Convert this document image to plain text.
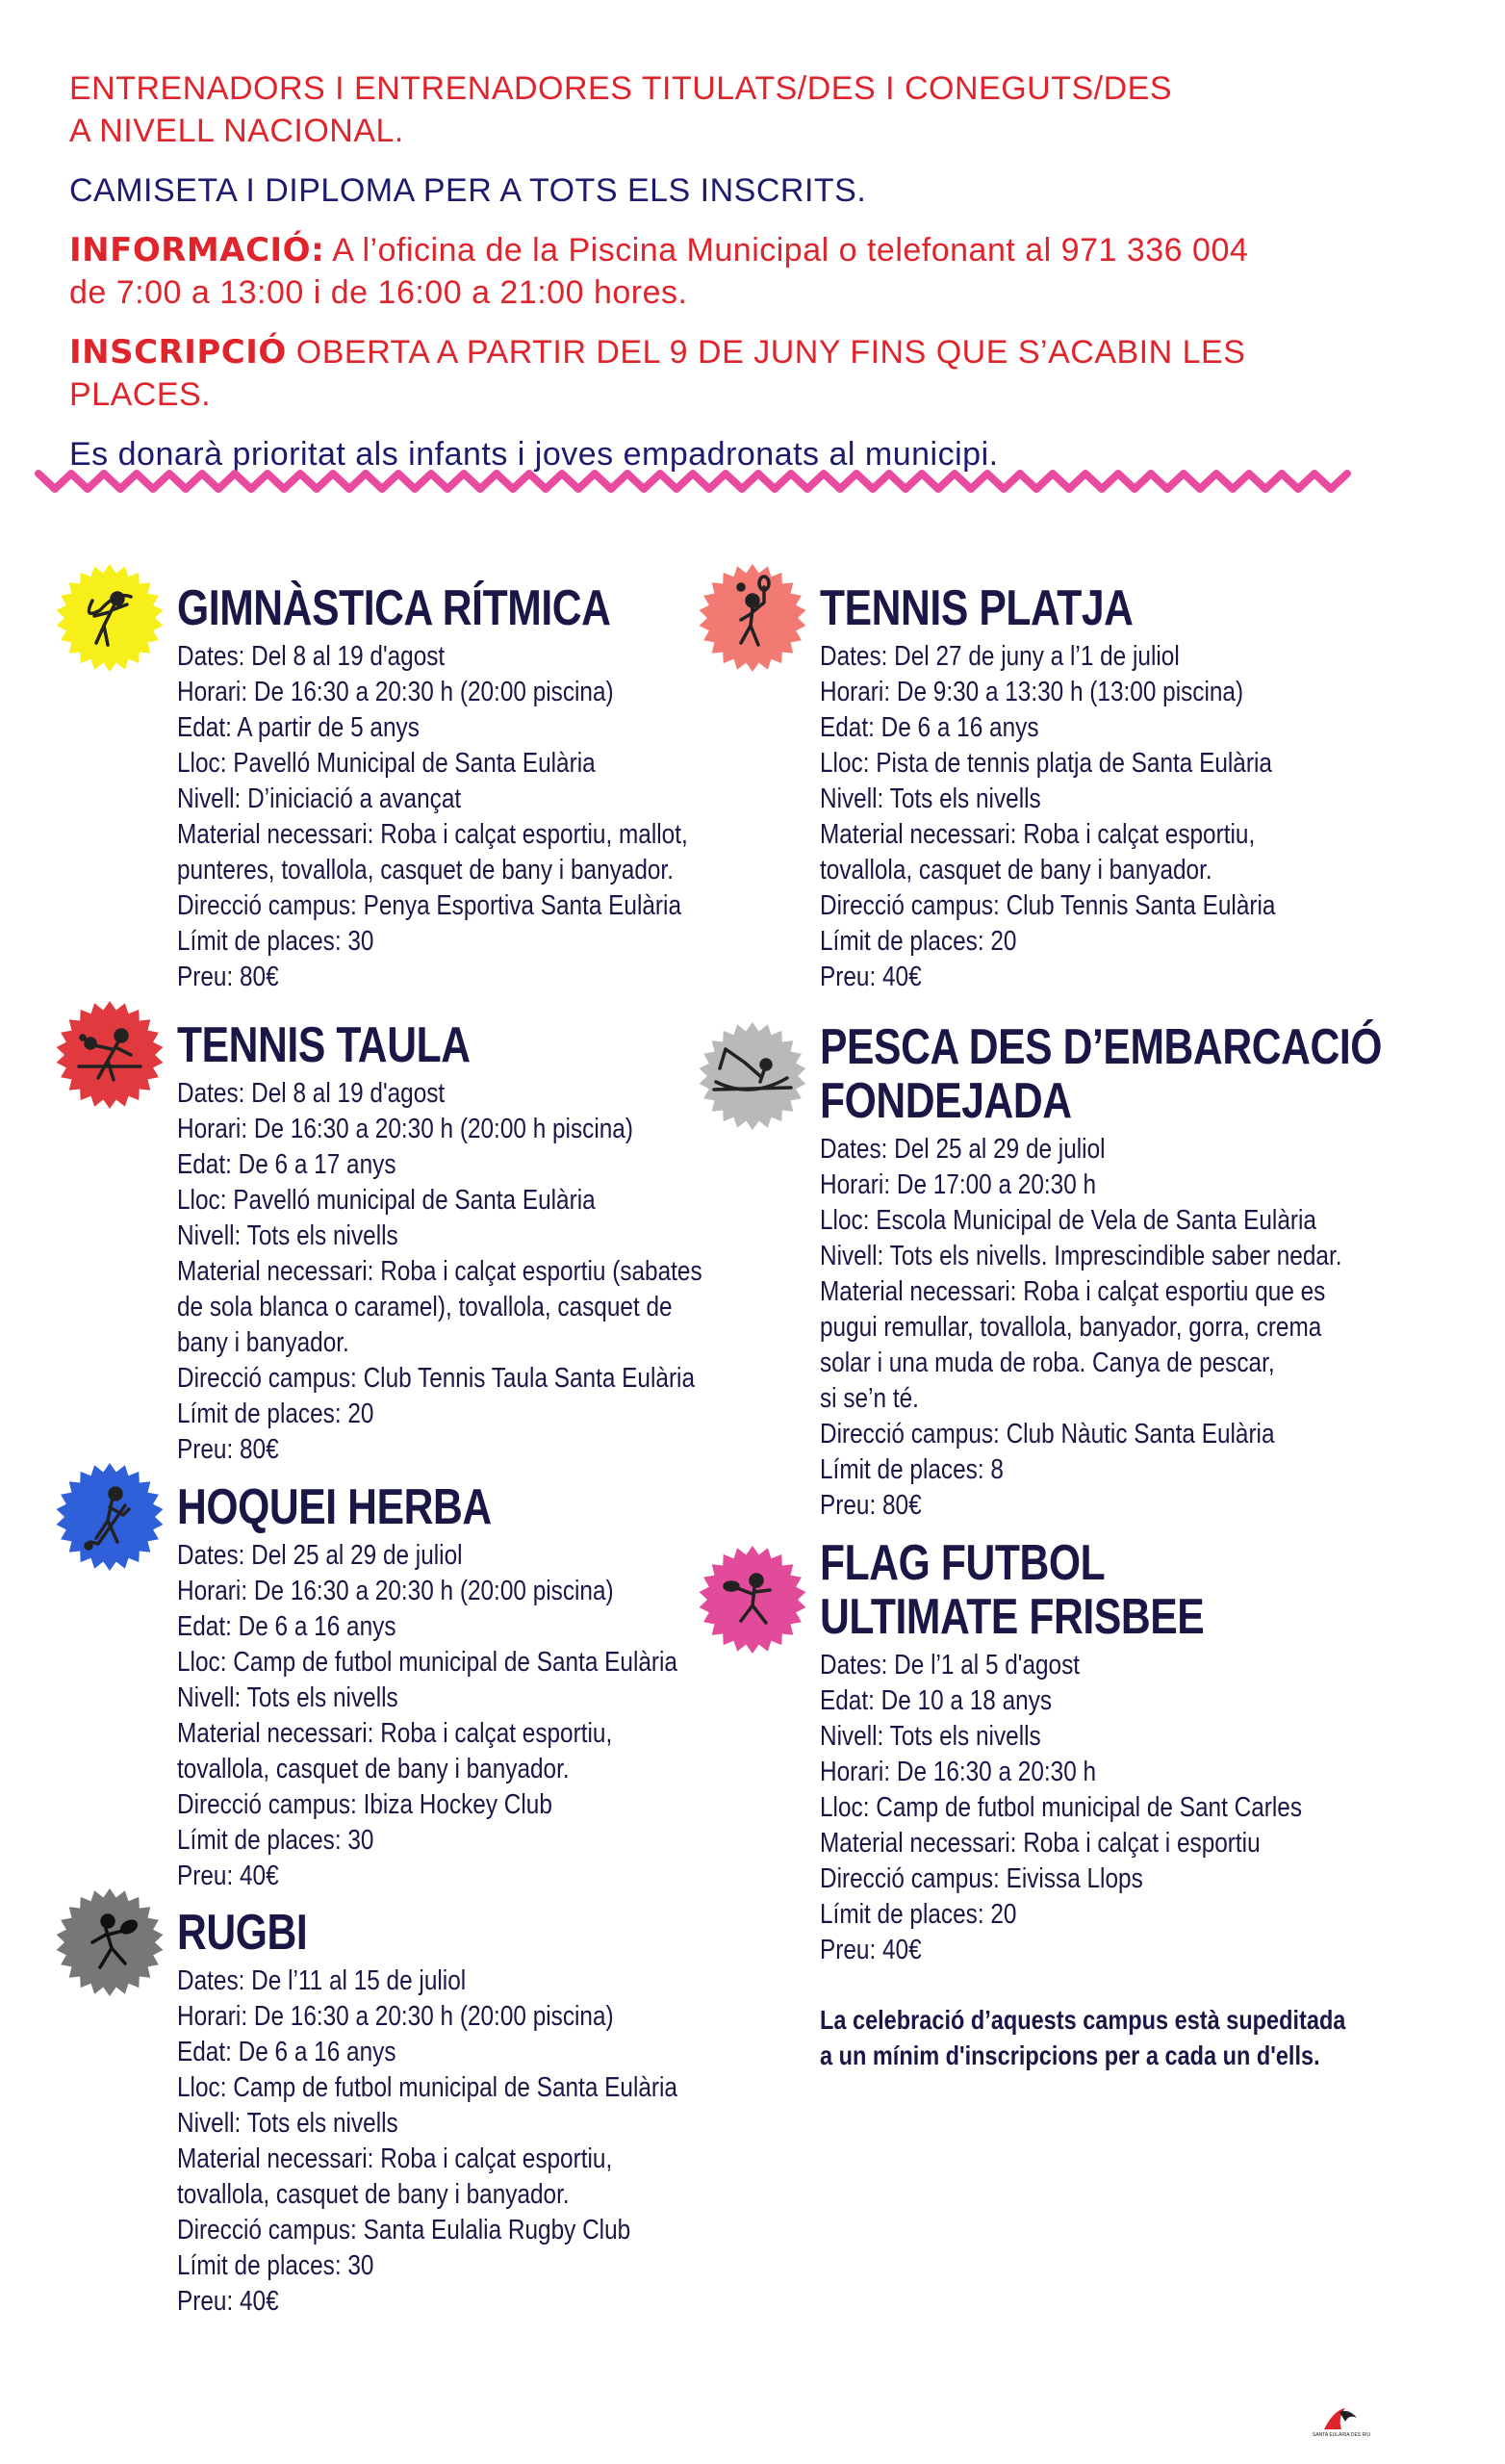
ENTRENADORS I ENTRENADORES TITULATS/DES I CONEGUTS/DES
A NIVELL NACIONAL.

CAMISETA I DIPLOMA PER A TOTS ELS INSCRITS.

INFORMACIÓ: A l’oficina de la Piscina Municipal o telefonant al 971 336 004
de 7:00 a 13:00 i de 16:00 a 21:00 hores.

INSCRIPCIÓ OBERTA A PARTIR DEL 9 DE JUNY FINS QUE S’ACABIN LES PLACES.

Es donarà prioritat als infants i joves empadronats al municipi.

GIMNÀSTICA RÍTMICA
Dates: Del 8 al 19 d'agost
Horari: De 16:30 a 20:30 h (20:00 piscina)
Edat: A partir de 5 anys
Lloc: Pavelló Municipal de Santa Eulària
Nivell: D’iniciació a avançat
Material necessari: Roba i calçat esportiu, mallot,
punteres, tovallola, casquet de bany i banyador.
Direcció campus: Penya Esportiva Santa Eulària
Límit de places: 30
Preu: 80€
TENNIS TAULA
Dates: Del 8 al 19 d'agost
Horari: De 16:30 a 20:30 h (20:00 h piscina)
Edat: De 6 a 17 anys
Lloc: Pavelló municipal de Santa Eulària
Nivell: Tots els nivells
Material necessari: Roba i calçat esportiu (sabates
de sola blanca o caramel), tovallola, casquet de
bany i banyador.
Direcció campus: Club Tennis Taula Santa Eulària
Límit de places: 20
Preu: 80€
HOQUEI HERBA
Dates: Del 25 al 29 de juliol
Horari: De 16:30 a 20:30 h (20:00 piscina)
Edat: De 6 a 16 anys
Lloc: Camp de futbol municipal de Santa Eulària
Nivell: Tots els nivells
Material necessari: Roba i calçat esportiu,
tovallola, casquet de bany i banyador.
Direcció campus: Ibiza Hockey Club
Límit de places: 30
Preu: 40€
RUGBI
Dates: De l’11 al 15 de juliol
Horari: De 16:30 a 20:30 h (20:00 piscina)
Edat: De 6 a 16 anys
Lloc: Camp de futbol municipal de Santa Eulària
Nivell: Tots els nivells
Material necessari: Roba i calçat esportiu,
tovallola, casquet de bany i banyador.
Direcció campus: Santa Eulalia Rugby Club
Límit de places: 30
Preu: 40€
TENNIS PLATJA
Dates: Del 27 de juny a l’1 de juliol
Horari: De 9:30 a 13:30 h (13:00 piscina)
Edat: De 6 a 16 anys
Lloc: Pista de tennis platja de Santa Eulària
Nivell: Tots els nivells
Material necessari: Roba i calçat esportiu,
tovallola, casquet de bany i banyador.
Direcció campus: Club Tennis Santa Eulària
Límit de places: 20
Preu: 40€
PESCA DES D’EMBARCACIÓ
FONDEJADA
Dates: Del 25 al 29 de juliol
Horari: De 17:00 a 20:30 h
Lloc: Escola Municipal de Vela de Santa Eulària
Nivell: Tots els nivells. Imprescindible saber nedar.
Material necessari: Roba i calçat esportiu que es
pugui remullar, tovallola, banyador, gorra, crema
solar i una muda de roba. Canya de pescar,
si se’n té.
Direcció campus: Club Nàutic Santa Eulària
Límit de places: 8
Preu: 80€
FLAG FUTBOL
ULTIMATE FRISBEE
Dates: De l’1 al 5 d'agost
Edat: De 10 a 18 anys
Nivell: Tots els nivells
Horari: De 16:30 a 20:30 h
Lloc: Camp de futbol municipal de Sant Carles
Material necessari: Roba i calçat i esportiu
Direcció campus: Eivissa Llops
Límit de places: 20
Preu: 40€
La celebració d’aquests campus està supeditada
a un mínim d'inscripcions per a cada un d'ells.
SANTA EULÀRIA DES RIU
